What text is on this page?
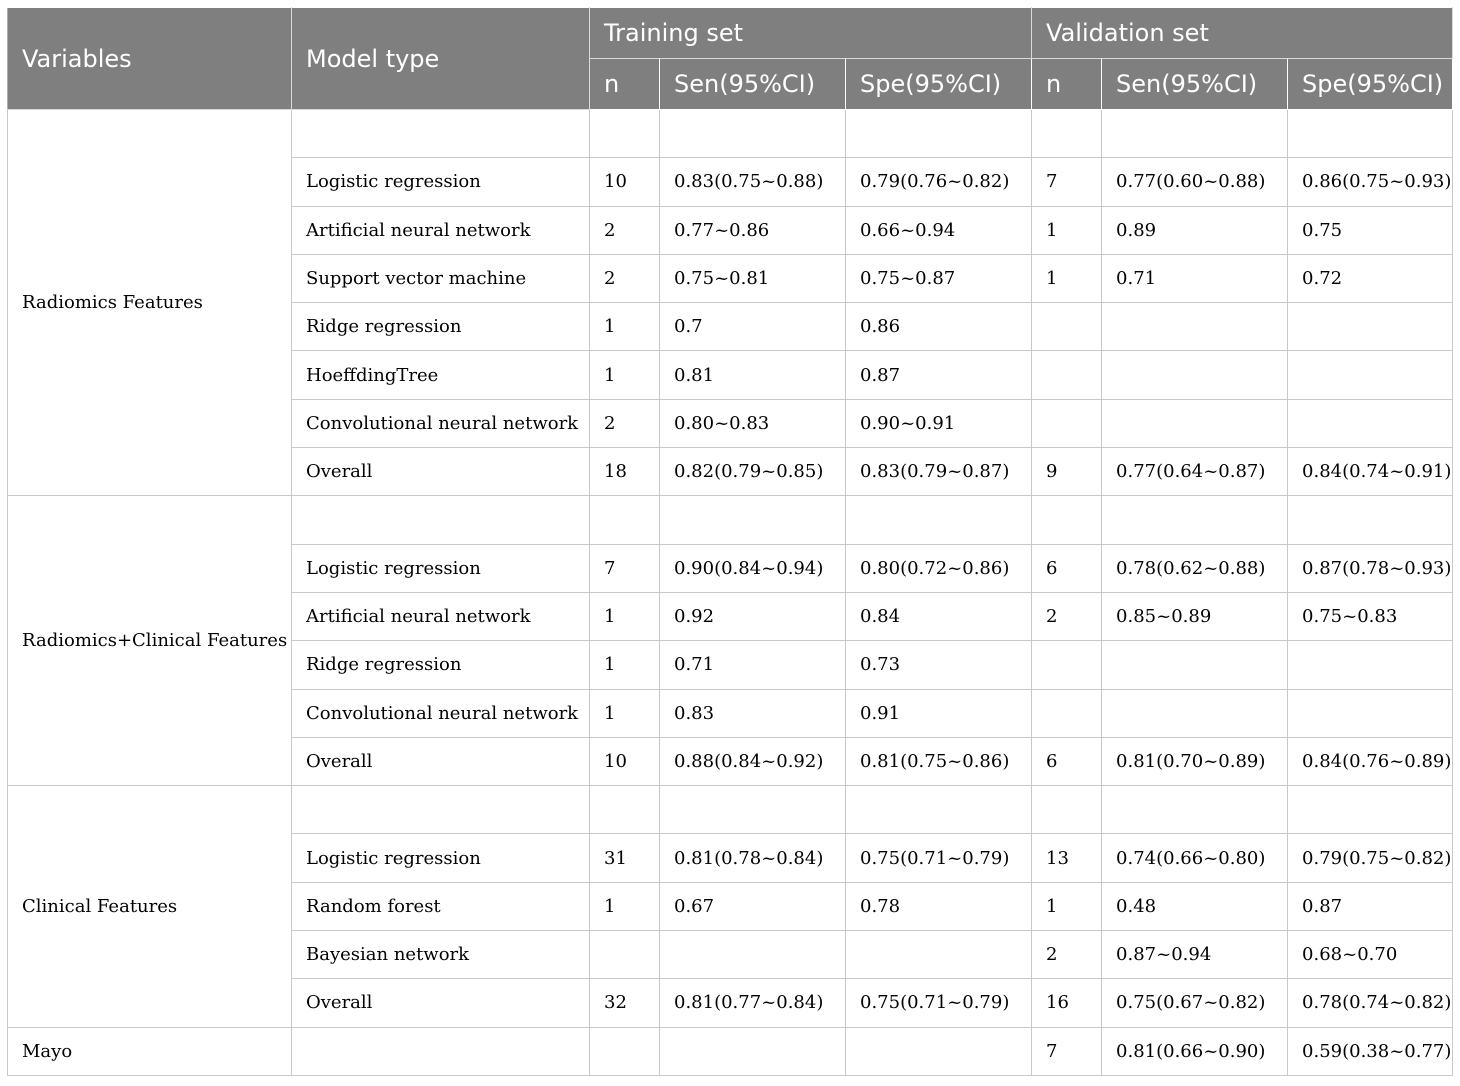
Variables	Model type	Training set			Validation set		
		n	Sen(95%CI)	Spe(95%CI)	n	Sen(95%CI)	Spe(95%CI)
Radiomics Features							
	Logistic regression	10	0.83(0.75~0.88)	0.79(0.76~0.82)	7	0.77(0.60~0.88)	0.86(0.75~0.93)
	Artificial neural network	2	0.77~0.86	0.66~0.94	1	0.89	0.75
	Support vector machine	2	0.75~0.81	0.75~0.87	1	0.71	0.72
	Ridge regression	1	0.7	0.86			
	HoeffdingTree	1	0.81	0.87			
	Convolutional neural network	2	0.80~0.83	0.90~0.91			
	Overall	18	0.82(0.79~0.85)	0.83(0.79~0.87)	9	0.77(0.64~0.87)	0.84(0.74~0.91)
Radiomics+Clinical Features							
	Logistic regression	7	0.90(0.84~0.94)	0.80(0.72~0.86)	6	0.78(0.62~0.88)	0.87(0.78~0.93)
	Artificial neural network	1	0.92	0.84	2	0.85~0.89	0.75~0.83
	Ridge regression	1	0.71	0.73			
	Convolutional neural network	1	0.83	0.91			
	Overall	10	0.88(0.84~0.92)	0.81(0.75~0.86)	6	0.81(0.70~0.89)	0.84(0.76~0.89)
Clinical Features							
	Logistic regression	31	0.81(0.78~0.84)	0.75(0.71~0.79)	13	0.74(0.66~0.80)	0.79(0.75~0.82)
	Random forest	1	0.67	0.78	1	0.48	0.87
	Bayesian network				2	0.87~0.94	0.68~0.70
	Overall	32	0.81(0.77~0.84)	0.75(0.71~0.79)	16	0.75(0.67~0.82)	0.78(0.74~0.82)
Mayo					7	0.81(0.66~0.90)	0.59(0.38~0.77)
